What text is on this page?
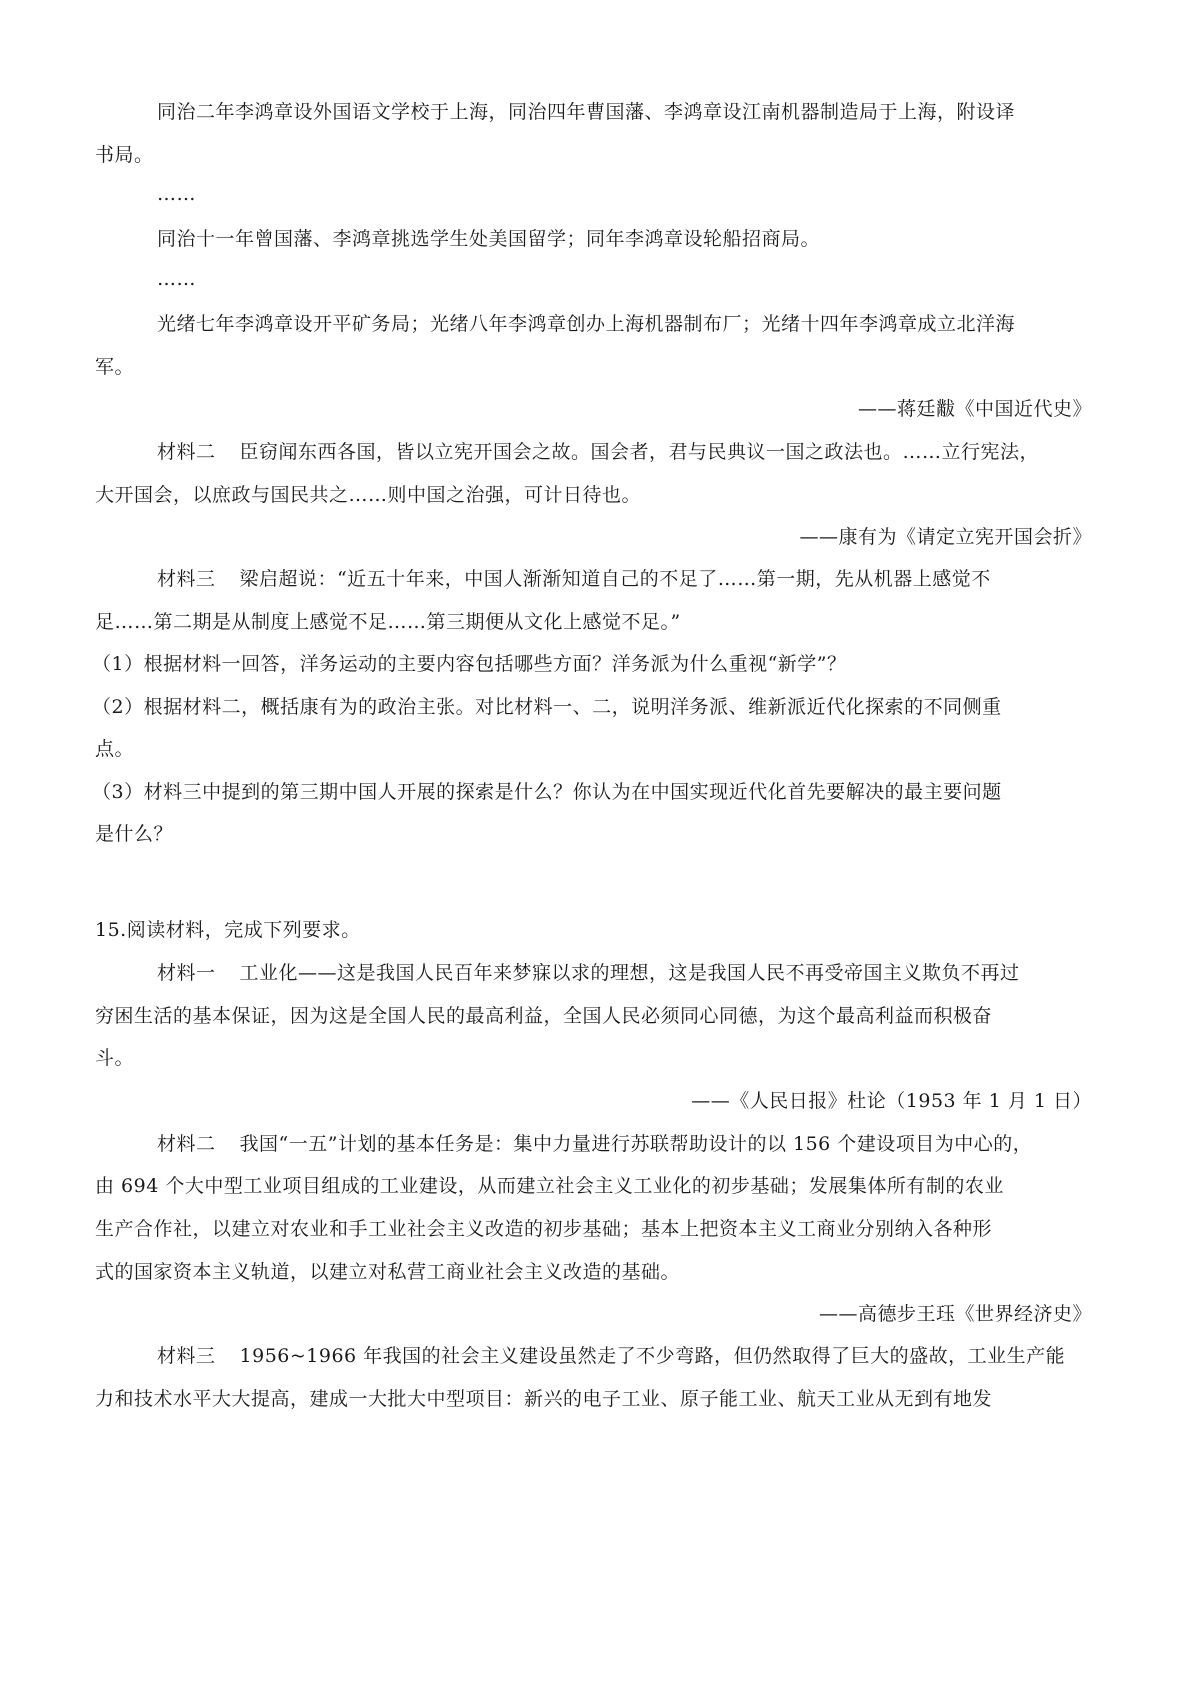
同治二年李鸿章设外国语文学校于上海，同治四年曹国藩、李鸿章设江南机器制造局于上海，附设译
书局。
……
同治十一年曾国藩、李鸿章挑选学生处美国留学；同年李鸿章设轮船招商局。
……
光绪七年李鸿章设开平矿务局；光绪八年李鸿章创办上海机器制布厂；光绪十四年李鸿章成立北洋海
军。
——蒋廷黻《中国近代史》
材料二 臣窃闻东西各国，皆以立宪开国会之故。国会者，君与民典议一国之政法也。……立行宪法，
大开国会，以庶政与国民共之……则中国之治强，可计日待也。
——康有为《请定立宪开国会折》
材料三 梁启超说：“近五十年来，中国人渐渐知道自己的不足了……第一期，先从机器上感觉不
足……第二期是从制度上感觉不足……第三期便从文化上感觉不足。”
（1）根据材料一回答，洋务运动的主要内容包括哪些方面？洋务派为什么重视“新学”？
（2）根据材料二，概括康有为的政治主张。对比材料一、二，说明洋务派、维新派近代化探索的不同侧重
点。
（3）材料三中提到的第三期中国人开展的探索是什么？你认为在中国实现近代化首先要解决的最主要问题
是什么？
15.阅读材料，完成下列要求。
材料一 工业化——这是我国人民百年来梦寐以求的理想，这是我国人民不再受帝国主义欺负不再过
穷困生活的基本保证，因为这是全国人民的最高利益，全国人民必须同心同德，为这个最高利益而积极奋
斗。
——《人民日报》杜论（1953 年 1 月 1 日）
材料二 我国“一五”计划的基本任务是：集中力量进行苏联帮助设计的以 156 个建设项目为中心的，
由 694 个大中型工业项目组成的工业建设，从而建立社会主义工业化的初步基础；发展集体所有制的农业
生产合作社，以建立对农业和手工业社会主义改造的初步基础；基本上把资本主义工商业分别纳入各种形
式的国家资本主义轨道，以建立对私营工商业社会主义改造的基础。
——高德步王珏《世界经济史》
材料三 1956~1966 年我国的社会主义建设虽然走了不少弯路，但仍然取得了巨大的盛故，工业生产能
力和技术水平大大提高，建成一大批大中型项目：新兴的电子工业、原子能工业、航天工业从无到有地发
